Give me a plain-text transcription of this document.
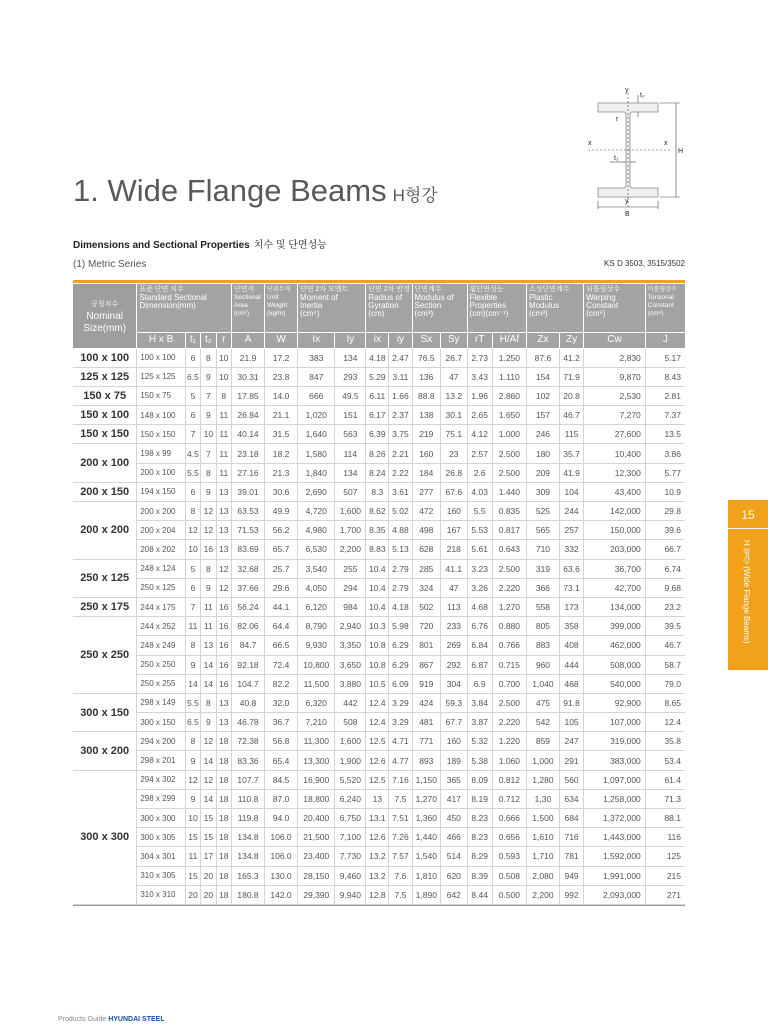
1. Wide Flange Beams H형강
y
t₂
r
x	x
t₁
H
y
B
Dimensions and Sectional Properties 치수 및 단면성능
(1) Metric Series	KS D 3503, 3515/3502
공칭치수
Nominal
Size(mm)	표준 단면 치수
Standard Sectional
Dimension(mm)				단면적
Sectional
Area
(cm²)	단위무게
Unit
Weight
(kg/m)	단면 2차 모멘트
Moment of
Inertia
(cm⁴)		단면 2차 반경
Radius of
Gyration
(cm)		단면계수
Modulus of
Section
(cm³)		휨단면성능
Flexible
Properties
(cm)(cm⁻¹)		소성단면계수
Plastic
Modulus
(cm³)		뒤틀림상수
Warping
Constant
(cm⁶)	비틀림상수
Torsional
Constant
(cm⁴)

	H x B	t₁	t₂	r	A	W	Ix	Iy	ix	iy	Sx	Sy	rT	H/Af	Zx	Zy	Cw	J
100 x 100	100 x 100	6	8	10	21.9	17.2	383	134	4.18	2.47	76.5	26.7	2.73	1.250	87.6	41.2	2,830	5.17
125 x 125	125 x 125	6.5	9	10	30.31	23.8	847	293	5.29	3.11	136	47	3.43	1.110	154	71.9	9,870	8.43
150 x 75	150 x 75	5	7	8	17.85	14.0	666	49.5	6.11	1.66	88.8	13.2	1.96	2.860	102	20.8	2,530	2.81
150 x 100	148 x 100	6	9	11	26.84	21.1	1,020	151	6.17	2.37	138	30.1	2.65	1.650	157	46.7	7,270	7.37
150 x 150	150 x 150	7	10	11	40.14	31.5	1,640	563	6.39	3.75	219	75.1	4.12	1.000	246	115	27,600	13.5
200 x 100	198 x 99	4.5	7	11	23.18	18.2	1,580	114	8.26	2.21	160	23	2.57	2.500	180	35.7	10,400	3.86
	200 x 100	5.5	8	11	27.16	21.3	1,840	134	8.24	2.22	184	26.8	2.6	2.500	209	41.9	12,300	5.77
200 x 150	194 x 150	6	9	13	39.01	30.6	2,690	507	8.3	3.61	277	67.6	4.03	1.440	309	104	43,400	10.9
200 x 200	200 x 200	8	12	13	63.53	49.9	4,720	1,600	8.62	5.02	472	160	5.5	0.835	525	244	142,000	29.8
	200 x 204	12	12	13	71.53	56.2	4,980	1,700	8.35	4.88	498	167	5.53	0.817	565	257	150,000	39.6
	208 x 202	10	16	13	83.69	65.7	6,530	2,200	8.83	5.13	628	218	5.61	0.643	710	332	203,000	66.7
250 x 125	248 x 124	5	8	12	32.68	25.7	3,540	255	10.4	2.79	285	41.1	3.23	2.500	319	63.6	36,700	6.74
	250 x 125	6	9	12	37.66	29.6	4,050	294	10.4	2.79	324	47	3.26	2.220	366	73.1	42,700	9.68
250 x 175	244 x 175	7	11	16	56.24	44.1	6,120	984	10.4	4.18	502	113	4.68	1.270	558	173	134,000	23.2
250 x 250	244 x 252	11	11	16	82.06	64.4	8,790	2,940	10.3	5.98	720	233	6.76	0.880	805	358	399,000	39.5
	248 x 249	8	13	16	84.7	66.5	9,930	3,350	10.8	6.29	801	269	6.84	0.766	883	408	462,000	46.7
	250 x 250	9	14	16	92.18	72.4	10,800	3,650	10.8	6.29	867	292	6.87	0.715	960	444	508,000	58.7
	250 x 255	14	14	16	104.7	82.2	11,500	3,880	10.5	6.09	919	304	6.9	0.700	1,040	468	540,000	79.0
300 x 150	298 x 149	5.5	8	13	40.8	32.0	6,320	442	12.4	3.29	424	59.3	3.84	2.500	475	91.8	92,900	8.65
	300 x 150	6.5	9	13	46.78	36.7	7,210	508	12.4	3.29	481	67.7	3.87	2.220	542	105	107,000	12.4
300 x 200	294 x 200	8	12	18	72.38	56.8	11,300	1,600	12.5	4.71	771	160	5.32	1.220	859	247	319,000	35.8
	298 x 201	9	14	18	83.36	65.4	13,300	1,900	12.6	4.77	893	189	5.38	1.060	1,000	291	383,000	53.4
300 x 300	294 x 302	12	12	18	107.7	84.5	16,900	5,520	12.5	7.16	1,150	365	8.09	0.812	1,280	560	1,097,000	61.4
	298 x 299	9	14	18	110.8	87.0	18,800	6,240	13	7.5	1,270	417	8.19	0.712	1,30	634	1,258,000	71.3
	300 x 300	10	15	18	119.8	94.0	20,400	6,750	13.1	7.51	1,360	450	8.23	0.666	1,500	684	1,372,000	88.1
	300 x 305	15	15	18	134.8	106.0	21,500	7,100	12.6	7.26	1,440	466	8.23	0.656	1,610	716	1,443,000	116
	304 x 301	11	17	18	134.8	106.0	23,400	7,730	13.2	7.57	1,540	514	8.29	0.593	1,710	781	1,592,000	125
	310 x 305	15	20	18	165.3	130.0	28,150	9,460	13.2	7.6	1,810	620	8.39	0.508	2,080	949	1,991,000	215
	310 x 310	20	20	18	180.8	142.0	29,390	9,940	12.8	7.5	1,890	642	8.44	0.500	2,200	992	2,093,000	271
15
H 형강 (Wide Flange Beams)
Products Guide HYUNDAI STEEL
